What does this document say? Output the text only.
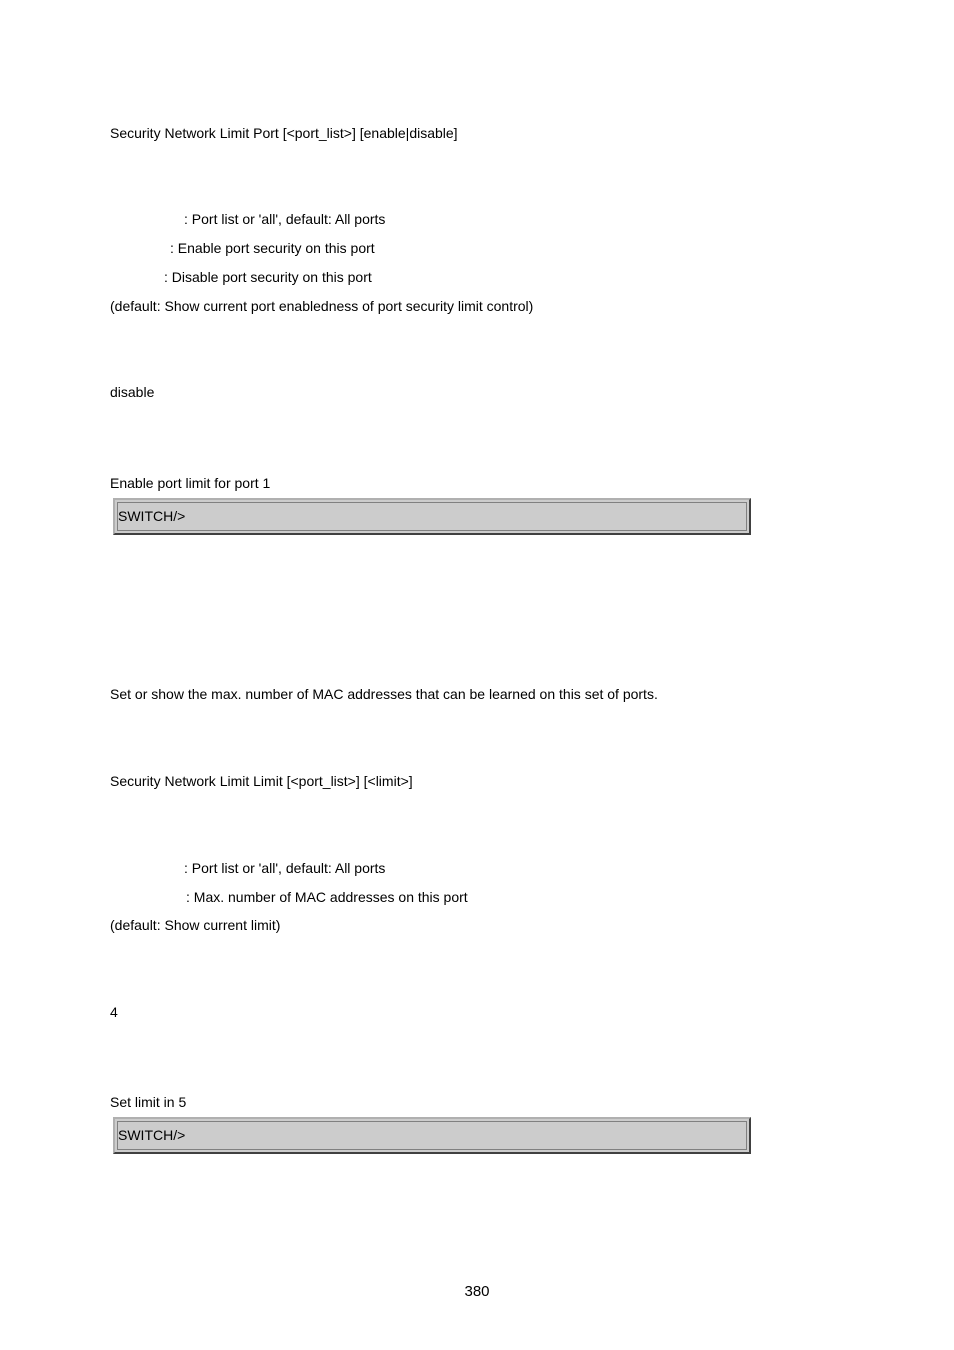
Security Network Limit Port [<port_list>] [enable|disable]
: Port list or 'all', default: All ports
: Enable port security on this port
: Disable port security on this port
(default: Show current port enabledness of port security limit control)
disable
Enable port limit for port 1
SWITCH/>
Set or show the max. number of MAC addresses that can be learned on this set of ports.
Security Network Limit Limit [<port_list>] [<limit>]
: Port list or 'all', default: All ports
: Max. number of MAC addresses on this port
(default: Show current limit)
4
Set limit in 5
SWITCH/>
380
